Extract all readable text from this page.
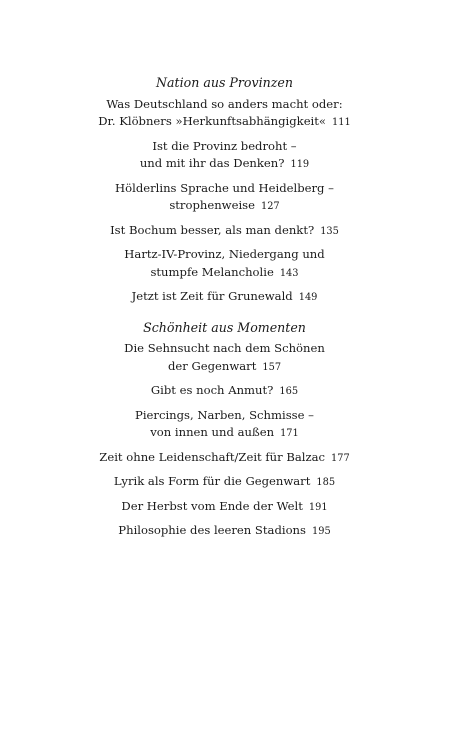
Nation aus Provinzen
Was Deutschland so anders macht oder:
Dr. Klöbners »Herkunftsabhängigkeit« 111
Ist die Provinz bedroht –
und mit ihr das Denken? 119
Hölderlins Sprache und Heidelberg –
strophenweise 127
Ist Bochum besser, als man denkt? 135
Hartz-IV-Provinz, Niedergang und
stumpfe Melancholie 143
Jetzt ist Zeit für Grunewald 149
Schönheit aus Momenten
Die Sehnsucht nach dem Schönen
der Gegenwart 157
Gibt es noch Anmut? 165
Piercings, Narben, Schmisse –
von innen und außen 171
Zeit ohne Leidenschaft/Zeit für Balzac 177
Lyrik als Form für die Gegenwart 185
Der Herbst vom Ende der Welt 191
Philosophie des leeren Stadions 195
